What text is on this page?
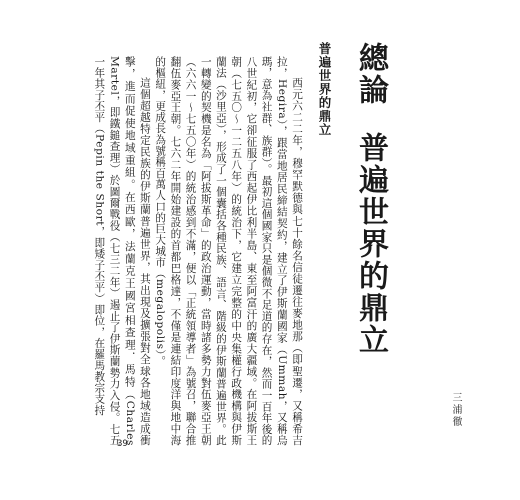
總論普遍世界的鼎立
三浦徹
普遍世界的鼎立

西元六二二年，穆罕默德與七十餘名信徒遷往麥地那（即聖遷，又稱希吉拉，Hegira），跟當地居民締結契約，建立了伊斯蘭國家（Ummah，又稱烏瑪，意為社群、族群）。最初這個國家只是個微不足道的存在，然而一百年後的八世紀初，它卻征服了西起伊比利半島、東至阿富汗的廣大疆域。在阿拔斯王朝（七五〇〜一二五八年）的統治下，它建立完整的中央集權行政機構與伊斯蘭法（沙里亞），形成了一個囊括各種民族、語言、階級的伊斯蘭普遍世界。此一轉變的契機是名為「阿拔斯革命」的政治運動，當時諸多勢力對伍麥亞王朝（六六一〜七五〇年）的統治感到不滿，便以「正統領導者」為號召，聯合推翻伍麥亞王朝。七六二年開始建設的首都巴格達，不僅是連結印度洋與地中海的樞紐，更成長為號稱百萬人口的巨大城市（megalopolis）。

這個超越特定民族的伊斯蘭普遍世界，其出現及擴張對全球各地域造成衝擊，進而促使地域重組。在西歐，法蘭克王國宮相查理．馬特（Charles Martel，即鐵鎚查理）於圖爾戰役（七三二年）遏止了伊斯蘭勢力入侵。七五一年其子丕平（Pepin the Short，即矮子丕平）即位，在羅馬教宗支持

39
